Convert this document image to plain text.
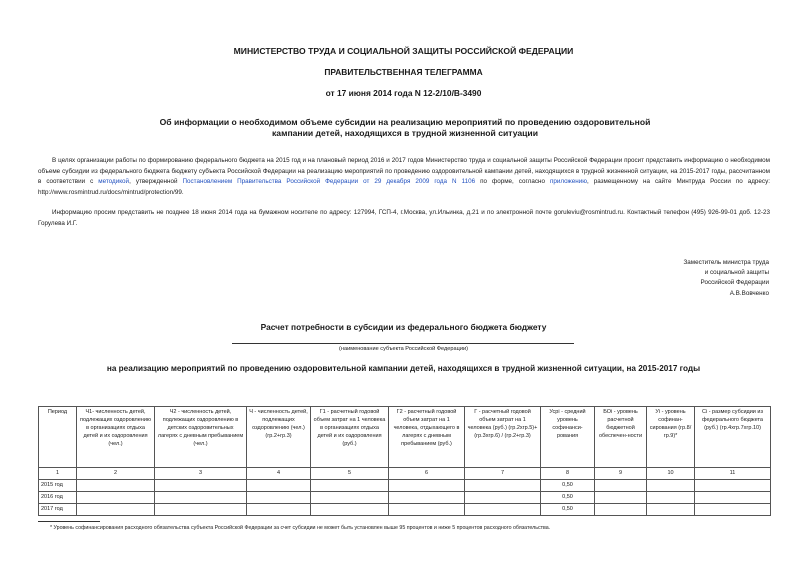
МИНИСТЕРСТВО ТРУДА И СОЦИАЛЬНОЙ ЗАЩИТЫ РОССИЙСКОЙ ФЕДЕРАЦИИ
ПРАВИТЕЛЬСТВЕННАЯ ТЕЛЕГРАММА
от 17 июня 2014 года N 12-2/10/В-3490
Об информации о необходимом объеме субсидии на реализацию мероприятий по проведению оздоровительной кампании детей, находящихся в трудной жизненной ситуации
В целях организации работы по формированию федерального бюджета на 2015 год и на плановый период 2016 и 2017 годов Министерство труда и социальной защиты Российской Федерации просит представить информацию о необходимом объеме субсидии из федерального бюджета бюджету субъекта Российской Федерации на реализацию мероприятий по проведению оздоровительной кампании детей, находящихся в трудной жизненной ситуации, на 2015-2017 годы, рассчитанном в соответствии с методикой, утвержденной Постановлением Правительства Российской Федерации от 29 декабря 2009 года N 1106 по форме, согласно приложению, размещенному на сайте Минтруда России по адресу: http://www.rosmintrud.ru/docs/mintrud/protection/99.
Информацию просим представить не позднее 18 июня 2014 года на бумажном носителе по адресу: 127994, ГСП-4, г.Москва, ул.Ильинка, д.21 и по электронной почте goruleviu@rosmintrud.ru. Контактный телефон (495) 926-99-01 доб. 12-23 Горулева И.Г.
Заместитель министра труда
и социальной защиты
Российской Федерации
А.В.Вовченко
Расчет потребности в субсидии из федерального бюджета бюджету
(наименование субъекта Российской Федерации)
на реализацию мероприятий по проведению оздоровительной кампании детей, находящихся в трудной жизненной ситуации, на 2015-2017 годы
Период	Ч1- численность детей, подлежащих оздоровлению в организациях отдыха детей и их оздоровления (чел.)	Ч2 - численность детей, подлежащих оздоровлению в детских оздоровительных лагерях с дневным пребыванием (чел.)	Ч - численность детей, подлежащих оздоровлению (чел.) (гр.2+гр.3)	Г1 - расчетный годовой объем затрат на 1 человека в организациях отдыха детей и их оздоровления (руб.)	Г2 - расчетный годовой объем затрат на 1 человека, отдыхающего в лагерях с дневным пребыванием (руб.)	Г - расчетный годовой объем затрат на 1 человека (руб.) (гр.2хгр.5)+ (гр.3хгр.6) / (гр.2+гр.3)	Усрi - средний уровень софинанси-рования	БОi - уровень расчетной бюджетной обеспечен-ности	Уi - уровень софинан-сирования (гр.8/гр.9)*	Сi - размер субсидии из федерального бюджета (руб.) (гр.4хгр.7хгр.10)
1	2	3	4	5	6	7	8	9	10	11
2015 год							0,50			
2016 год							0,50			
2017 год							0,50			
* Уровень софинансирования расходного обязательства субъекта Российской Федерации за счет субсидии не может быть установлен выше 95 процентов и ниже 5 процентов расходного обязательства.
